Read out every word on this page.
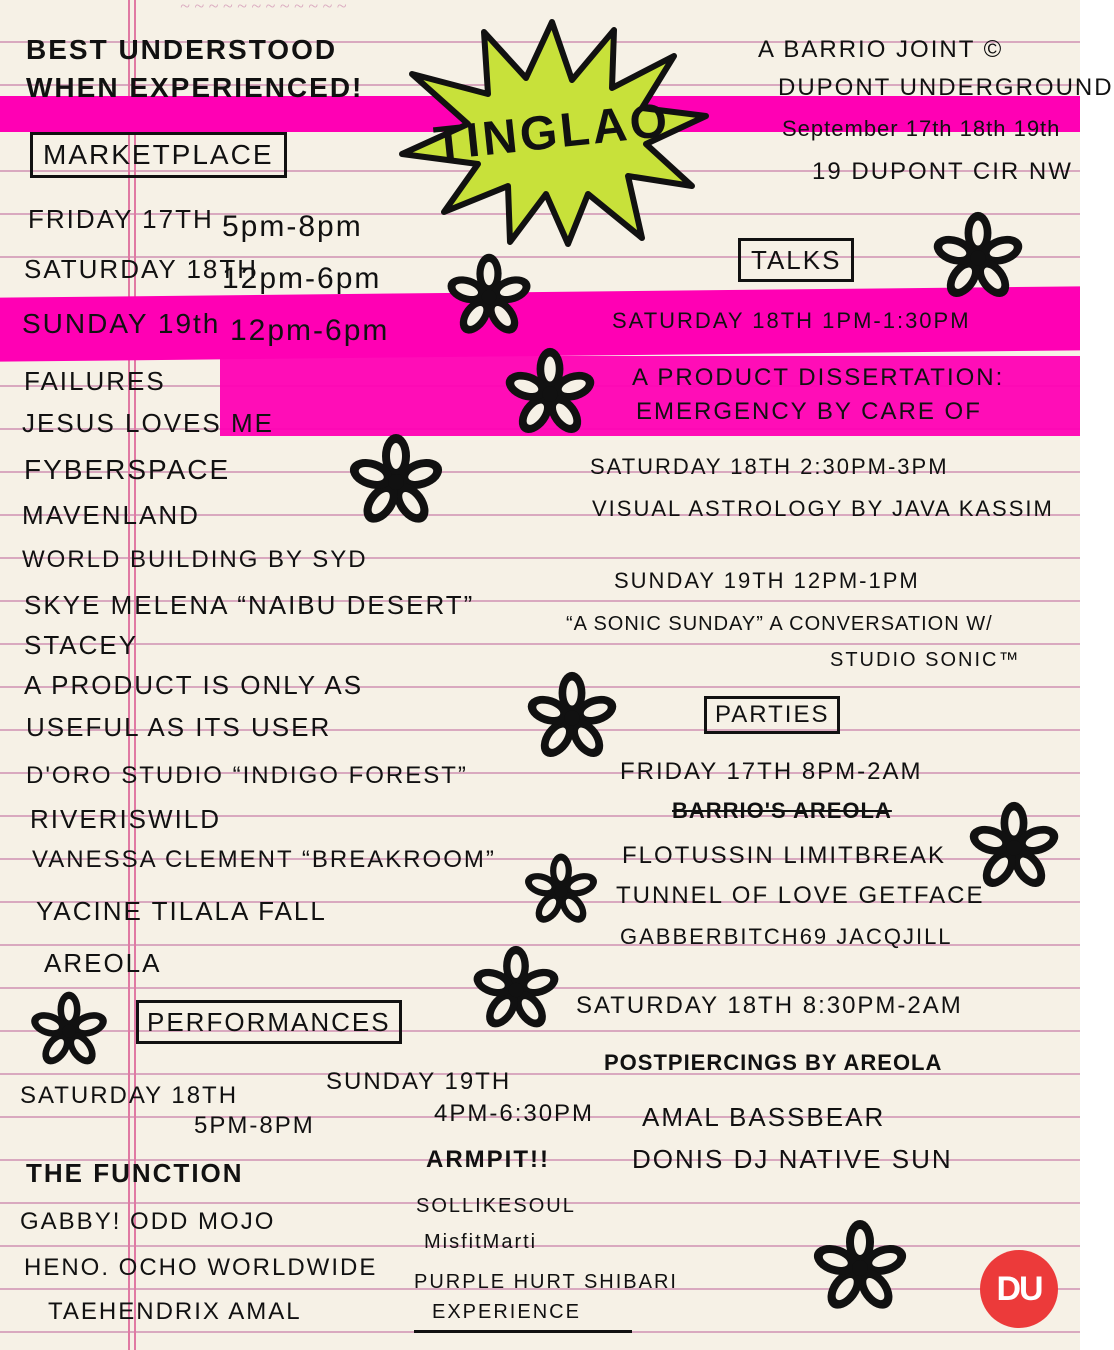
~ ~ ~ ~ ~ ~ ~ ~ ~ ~ ~ ~
BEST UNDERSTOOD
WHEN EXPERIENCED!
TINGLAO
A BARRIO JOINT ©
DUPONT UNDERGROUND
September 17th 18th 19th
19 DUPONT CIR NW
MARKETPLACE
FRIDAY 17TH 5pm-8pm
SATURDAY 18TH
12pm-6pm
SUNDAY 19th 12pm-6pm
FAILURES
JESUS LOVES ME
FYBERSPACE
MAVENLAND
WORLD BUILDING BY SYD
SKYE MELENA “NAIBU DESERT”
STACEY
A PRODUCT IS ONLY AS
USEFUL AS ITS USER
D'ORO STUDIO “INDIGO FOREST”
RIVERISWILD
VANESSA CLEMENT “BREAKROOM”
YACINE TILALA FALL
AREOLA
TALKS
SATURDAY 18TH 1PM-1:30PM
A PRODUCT DISSERTATION:
EMERGENCY BY CARE OF
SATURDAY 18TH 2:30PM-3PM
VISUAL ASTROLOGY BY JAVA KASSIM
SUNDAY 19TH 12PM-1PM
“A SONIC SUNDAY” A CONVERSATION W/
STUDIO SONIC™
PARTIES
FRIDAY 17TH 8PM-2AM
BARRIO'S AREOLA
FLOTUSSIN LIMITBREAK
TUNNEL OF LOVE GETFACE
GABBERBITCH69 JACQJILL
SATURDAY 18TH 8:30PM-2AM
POSTPIERCINGS BY AREOLA
AMAL BASSBEAR
DONIS DJ NATIVE SUN
PERFORMANCES
SATURDAY 18TH
5PM-8PM
THE FUNCTION
GABBY! ODD MOJO
HENO. OCHO WORLDWIDE
TAEHENDRIX AMAL
SUNDAY 19TH
4PM-6:30PM
ARMPIT!!
SOLLIKESOUL
MisfitMarti
PURPLE HURT SHIBARI
EXPERIENCE
DU
